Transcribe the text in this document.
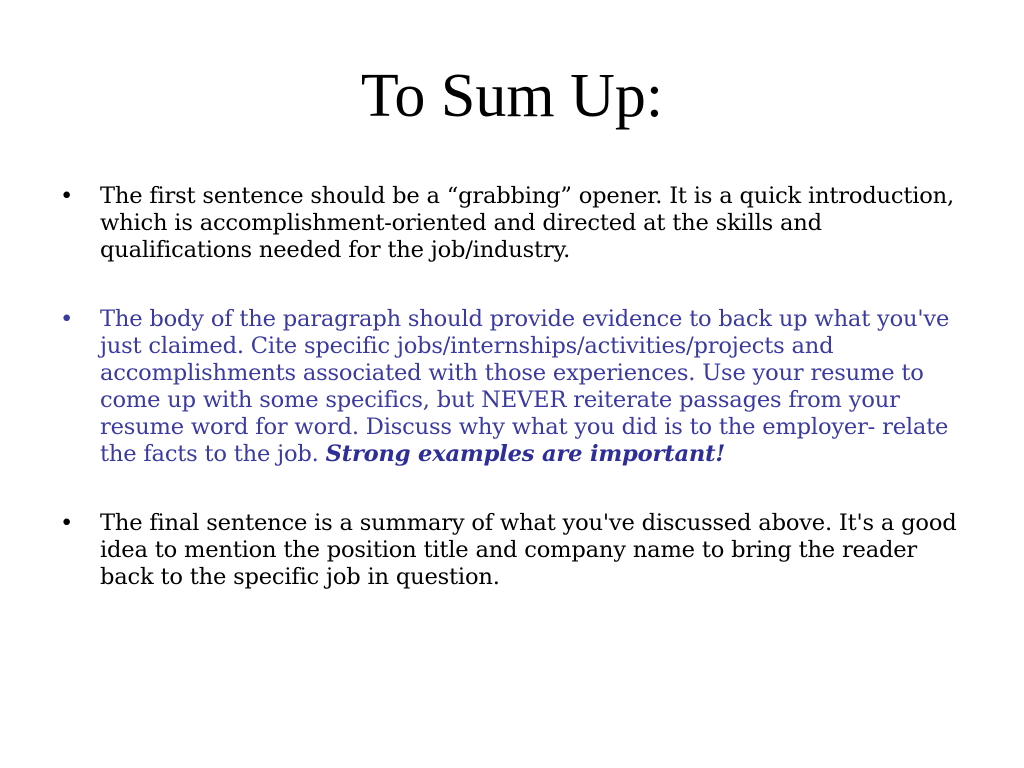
To Sum Up:
•	The first sentence should be a “grabbing” opener. It is a quick introduction, which is accomplishment-oriented and directed at the skills and qualifications needed for the job/industry.
•	The body of the paragraph should provide evidence to back up what you've just claimed. Cite specific jobs/internships/activities/projects and accomplishments associated with those experiences. Use your resume to come up with some specifics, but NEVER reiterate passages from your resume word for word. Discuss why what you did is to the employer- relate the facts to the job. Strong examples are important!
•	The final sentence is a summary of what you've discussed above. It's a good idea to mention the position title and company name to bring the reader back to the specific job in question.
